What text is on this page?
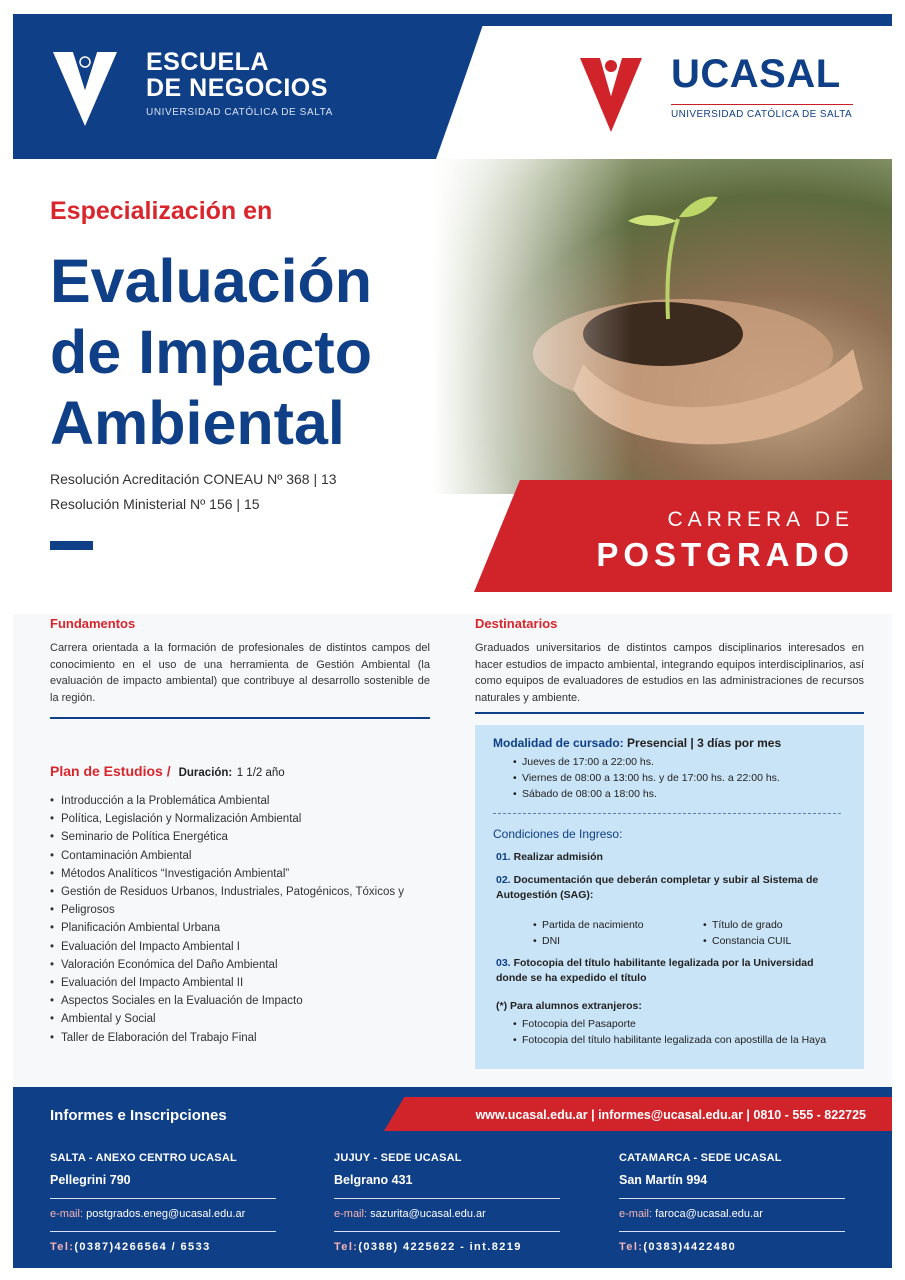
ESCUELA
DE NEGOCIOS
UNIVERSIDAD CATÓLICA DE SALTA
UCASAL
UNIVERSIDAD CATÓLICA DE SALTA
Especialización en
Evaluación
de Impacto
Ambiental
Resolución Acreditación CONEAU Nº 368 | 13
Resolución Ministerial Nº 156 | 15
CARRERA DE
POSTGRADO
Fundamentos
Carrera orientada a la formación de profesionales de distintos campos del conocimiento en el uso de una herramienta de Gestión Ambiental (la evaluación de impacto ambiental) que contribuye al desarrollo sostenible de la región.
Destinatarios
Graduados universitarios de distintos campos disciplinarios interesados en hacer estudios de impacto ambiental, integrando equipos interdisciplinarios, así como equipos de evaluadores de estudios en las administraciones de recursos naturales y ambiente.
Plan de Estudios / Duración: 1 1/2 año
• Introducción a la Problemática Ambiental
• Política, Legislación y Normalización Ambiental
• Seminario de Política Energética
• Contaminación Ambiental
• Métodos Analíticos “Investigación Ambiental”
• Gestión de Residuos Urbanos, Industriales, Patogénicos, Tóxicos y
• Peligrosos
• Planificación Ambiental Urbana
• Evaluación del Impacto Ambiental I
• Valoración Económica del Daño Ambiental
• Evaluación del Impacto Ambiental II
• Aspectos Sociales en la Evaluación de Impacto
• Ambiental y Social
• Taller de Elaboración del Trabajo Final
Modalidad de cursado: Presencial | 3 días por mes
• Jueves de 17:00 a 22:00 hs.
• Viernes de 08:00 a 13:00 hs. y de 17:00 hs. a 22:00 hs.
• Sábado de 08:00 a 18:00 hs.
Condiciones de Ingreso:
01. Realizar admisión
02. Documentación que deberán completar y subir al Sistema de Autogestión (SAG):
• Partida de nacimiento
• DNI
• Título de grado
• Constancia CUIL
03. Fotocopia del título habilitante legalizada por la Universidad donde se ha expedido el título
(*) Para alumnos extranjeros:
• Fotocopia del Pasaporte
• Fotocopia del título habilitante legalizada con apostilla de la Haya
Informes e Inscripciones	www.ucasal.edu.ar | informes@ucasal.edu.ar | 0810 - 555 - 822725
SALTA - ANEXO CENTRO UCASAL
Pellegrini 790
e-mail: postgrados.eneg@ucasal.edu.ar
Tel:(0387)4266564 / 6533
JUJUY - SEDE UCASAL
Belgrano 431
e-mail: sazurita@ucasal.edu.ar
Tel:(0388) 4225622 - int.8219
CATAMARCA - SEDE UCASAL
San Martín 994
e-mail: faroca@ucasal.edu.ar
Tel:(0383)4422480
